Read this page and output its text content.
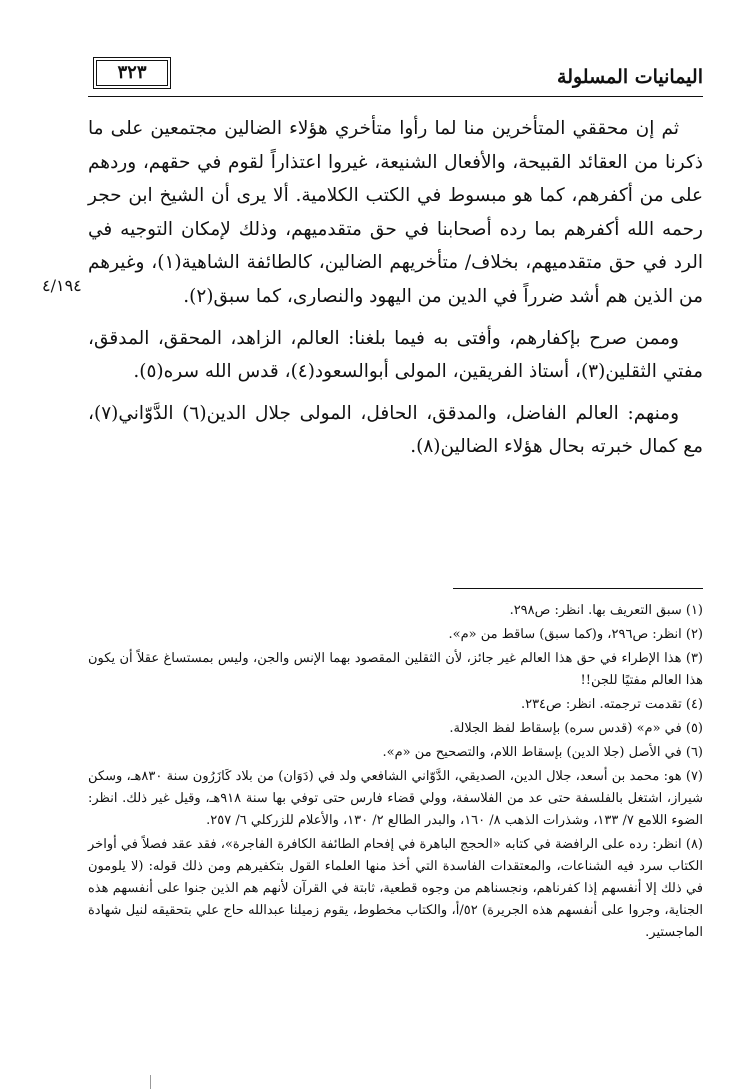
اليمانيات المسلولة
٣٢٣
٤/١٩٤

ثم إن محققي المتأخرين منا لما رأوا متأخري هؤلاء الضالين مجتمعين على ما ذكرنا من العقائد القبيحة، والأفعال الشنيعة، غيروا اعتذاراً لقوم في حقهم، وردهم على من أكفرهم، كما هو مبسوط في الكتب الكلامية. ألا يرى أن الشيخ ابن حجر رحمه الله أكفرهم بما رده أصحابنا في حق متقدميهم، وذلك لإمكان التوجيه في الرد في حق متقدميهم، بخلاف/ متأخريهم الضالين، كالطائفة الشاهية(١)، وغيرهم من الذين هم أشد ضرراً في الدين من اليهود والنصارى، كما سبق(٢).

وممن صرح بإكفارهم، وأفتى به فيما بلغنا: العالم، الزاهد، المحقق، المدقق، مفتي الثقلين(٣)، أستاذ الفريقين، المولى أبوالسعود(٤)، قدس الله سره(٥).

ومنهم: العالم الفاضل، والمدقق، الحافل، المولى جلال الدين(٦) الدَّوّاني(٧)، مع كمال خبرته بحال هؤلاء الضالين(٨).

(١) سبق التعريف بها. انظر: ص٢٩٨.

(٢) انظر: ص٢٩٦، و(كما سبق) ساقط من «م».

(٣) هذا الإطراء في حق هذا العالم غير جائز، لأن الثقلين المقصود بهما الإنس والجن، وليس بمستساغ عقلاً أن يكون هذا العالم مفتيًا للجن!!

(٤) تقدمت ترجمته. انظر: ص٢٣٤.

(٥) في «م» (قدس سره) بإسقاط لفظ الجلالة.

(٦) في الأصل (جلا الدين) بإسقاط اللام، والتصحيح من «م».

(٧) هو: محمد بن أسعد، جلال الدين، الصديقي، الدَّوّاني الشافعي ولد في (دَوَان) من بلاد كَازَرُون سنة ٨٣٠هـ، وسكن شيراز، اشتغل بالفلسفة حتى عد من الفلاسفة، وولي قضاء فارس حتى توفي بها سنة ٩١٨هـ، وقيل غير ذلك. انظر: الضوء اللامع ٧/ ١٣٣، وشذرات الذهب ٨/ ١٦٠، والبدر الطالع ٢/ ١٣٠، والأعلام للزركلي ٦/ ٢٥٧.

(٨) انظر: رده على الرافضة في كتابه «الحجج الباهرة في إفحام الطائفة الكافرة الفاجرة»، فقد عقد فصلاً في أواخر الكتاب سرد فيه الشناعات، والمعتقدات الفاسدة التي أخذ منها العلماء القول بتكفيرهم ومن ذلك قوله: (لا يلومون في ذلك إلا أنفسهم إذا كفرناهم، ونجسناهم من وجوه قطعية، ثابتة في القرآن لأنهم هم الذين جنوا على أنفسهم هذه الجناية، وجروا على أنفسهم هذه الجريرة) ٥٢/أ، والكتاب مخطوط، يقوم زميلنا عبدالله حاج علي بتحقيقه لنيل شهادة الماجستير.
